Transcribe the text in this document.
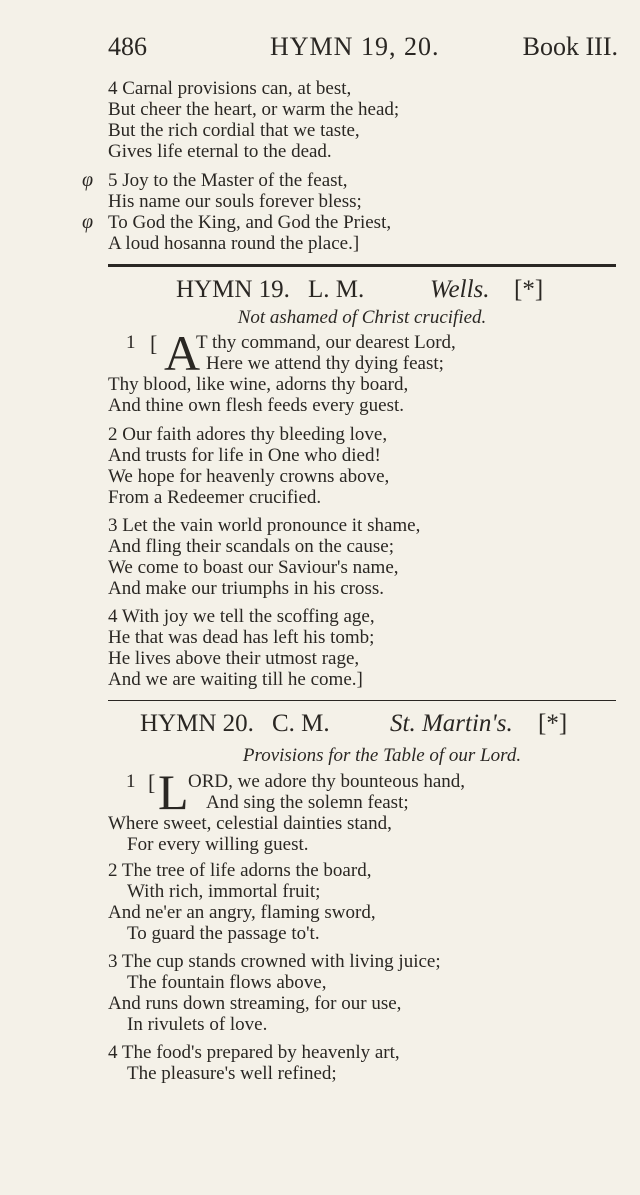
486	HYMN 19, 20.	Book III.
4 Carnal provisions can, at best,
But cheer the heart, or warm the head;
But the rich cordial that we taste,
Gives life eternal to the dead.
φ 5 Joy to the Master of the feast,
His name our souls forever bless;
φ To God the King, and God the Priest,
A loud hosanna round the place.]
HYMN 19. L. M.	Wells. [*]
Not ashamed of Christ crucified.
1 [ A
T thy command, our dearest Lord,
Here we attend thy dying feast;
Thy blood, like wine, adorns thy board,
And thine own flesh feeds every guest.
2 Our faith adores thy bleeding love,
And trusts for life in One who died!
We hope for heavenly crowns above,
From a Redeemer crucified.
3 Let the vain world pronounce it shame,
And fling their scandals on the cause;
We come to boast our Saviour's name,
And make our triumphs in his cross.
4 With joy we tell the scoffing age,
He that was dead has left his tomb;
He lives above their utmost rage,
And we are waiting till he come.]
HYMN 20. C. M. St. Martin's. [*]
Provisions for the Table of our Lord.
1 [ L ORD, we adore thy bounteous hand,
And sing the solemn feast;
Where sweet, celestial dainties stand,
For every willing guest.
2 The tree of life adorns the board,
With rich, immortal fruit;
And ne'er an angry, flaming sword,
To guard the passage to't.
3 The cup stands crowned with living juice;
The fountain flows above,
And runs down streaming, for our use,
In rivulets of love.
4 The food's prepared by heavenly art,
The pleasure's well refined;
